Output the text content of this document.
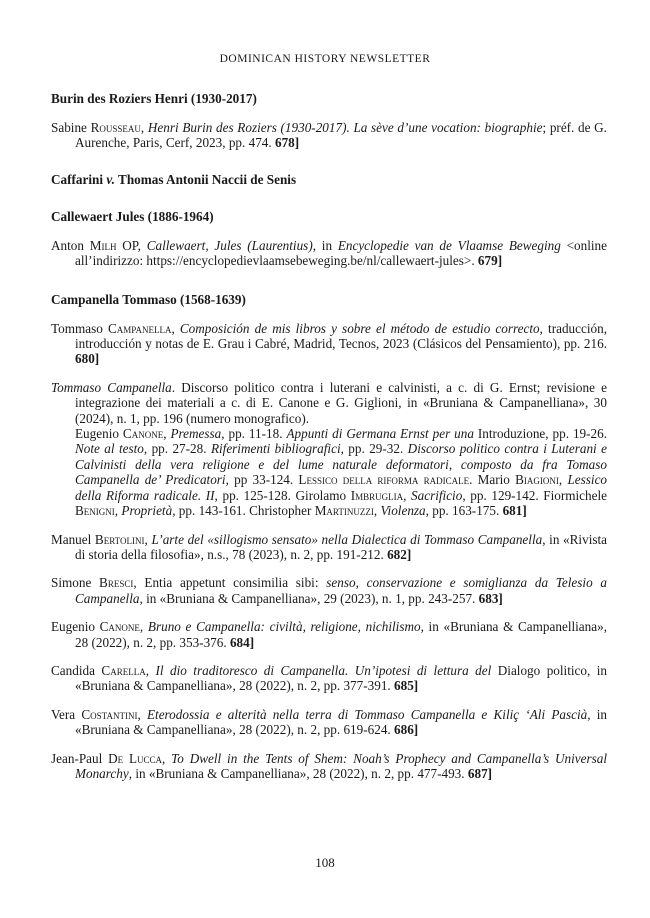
DOMINICAN HISTORY NEWSLETTER

Burin des Roziers Henri (1930-2017)

Sabine Rousseau, Henri Burin des Roziers (1930-2017). La sève d’une vocation: biographie; préf. de G. Aurenche, Paris, Cerf, 2023, pp. 474. 678]

Caffarini v. Thomas Antonii Naccii de Senis

Callewaert Jules (1886-1964)

Anton Milh OP, Callewaert, Jules (Laurentius), in Encyclopedie van de Vlaamse Beweging <online all’indirizzo: https://encyclopedievlaamsebeweging.be/nl/callewaert-jules>. 679]

Campanella Tommaso (1568-1639)

Tommaso Campanella, Composición de mis libros y sobre el método de estudio correcto, traducción, introducción y notas de E. Grau i Cabré, Madrid, Tecnos, 2023 (Clásicos del Pensamiento), pp. 216. 680]

Tommaso Campanella. Discorso politico contra i luterani e calvinisti, a c. di G. Ernst; revisione e integrazione dei materiali a c. di E. Canone e G. Giglioni, in «Bruniana & Campanelliana», 30 (2024), n. 1, pp. 196 (numero monografico).
Eugenio Canone, Premessa, pp. 11-18. Appunti di Germana Ernst per una Introduzione, pp. 19-26. Note al testo, pp. 27-28. Riferimenti bibliografici, pp. 29-32. Discorso politico contra i Luterani e Calvinisti della vera religione e del lume naturale deformatori, composto da fra Tomaso Campanella de’ Predicatori, pp 33-124. Lessico della riforma radicale. Mario Biagioni, Lessico della Riforma radicale. II, pp. 125-128. Girolamo Imbruglia, Sacrificio, pp. 129-142. Fiormichele Benigni, Proprietà, pp. 143-161. Christopher Martinuzzi, Violenza, pp. 163-175. 681]

Manuel Bertolini, L’arte del «sillogismo sensato» nella Dialectica di Tommaso Campanella, in «Rivista di storia della filosofia», n.s., 78 (2023), n. 2, pp. 191-212. 682]

Simone Bresci, Entia appetunt consimilia sibi: senso, conservazione e somiglianza da Telesio a Campanella, in «Bruniana & Campanelliana», 29 (2023), n. 1, pp. 243-257. 683]

Eugenio Canone, Bruno e Campanella: civiltà, religione, nichilismo, in «Bruniana & Campanelliana», 28 (2022), n. 2, pp. 353-376. 684]

Candida Carella, Il dio traditoresco di Campanella. Un’ipotesi di lettura del Dialogo politico, in «Bruniana & Campanelliana», 28 (2022), n. 2, pp. 377-391. 685]

Vera Costantini, Eterodossia e alterità nella terra di Tommaso Campanella e Kiliç ‘Ali Pascià, in «Bruniana & Campanelliana», 28 (2022), n. 2, pp. 619-624. 686]

Jean-Paul De Lucca, To Dwell in the Tents of Shem: Noah’s Prophecy and Campanella’s Universal Monarchy, in «Bruniana & Campanelliana», 28 (2022), n. 2, pp. 477-493. 687]

108
